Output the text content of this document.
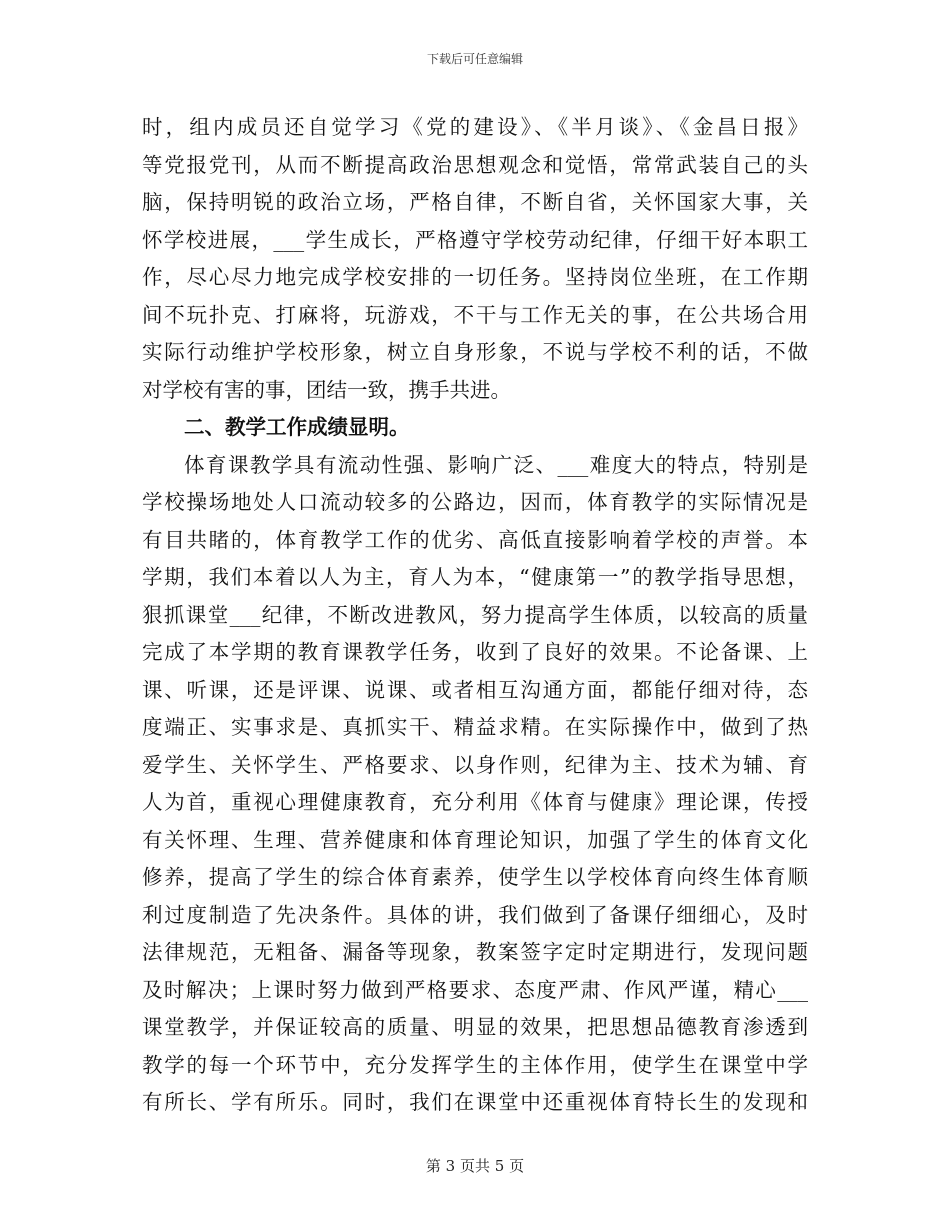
下载后可任意编辑
时，组内成员还自觉学习《党的建设》、《半月谈》、《金昌日报》
等党报党刊，从而不断提高政治思想观念和觉悟，常常武装自己的头
脑，保持明锐的政治立场，严格自律，不断自省，关怀国家大事，关
怀学校进展，___学生成长，严格遵守学校劳动纪律，仔细干好本职工
作，尽心尽力地完成学校安排的一切任务。坚持岗位坐班，在工作期
间不玩扑克、打麻将，玩游戏，不干与工作无关的事，在公共场合用
实际行动维护学校形象，树立自身形象，不说与学校不利的话，不做
对学校有害的事，团结一致，携手共进。
二、教学工作成绩显明。
体育课教学具有流动性强、影响广泛、___难度大的特点，特别是
学校操场地处人口流动较多的公路边，因而，体育教学的实际情况是
有目共睹的，体育教学工作的优劣、高低直接影响着学校的声誉。本
学期，我们本着以人为主，育人为本，“健康第一”的教学指导思想，
狠抓课堂___纪律，不断改进教风，努力提高学生体质，以较高的质量
完成了本学期的教育课教学任务，收到了良好的效果。不论备课、上
课、听课，还是评课、说课、或者相互沟通方面，都能仔细对待，态
度端正、实事求是、真抓实干、精益求精。在实际操作中，做到了热
爱学生、关怀学生、严格要求、以身作则，纪律为主、技术为辅、育
人为首，重视心理健康教育，充分利用《体育与健康》理论课，传授
有关怀理、生理、营养健康和体育理论知识，加强了学生的体育文化
修养，提高了学生的综合体育素养，使学生以学校体育向终生体育顺
利过度制造了先决条件。具体的讲，我们做到了备课仔细细心，及时
法律规范，无粗备、漏备等现象，教案签字定时定期进行，发现问题
及时解决；上课时努力做到严格要求、态度严肃、作风严谨，精心___
课堂教学，并保证较高的质量、明显的效果，把思想品德教育渗透到
教学的每一个环节中，充分发挥学生的主体作用，使学生在课堂中学
有所长、学有所乐。同时，我们在课堂中还重视体育特长生的发现和
第 3 页共 5 页
